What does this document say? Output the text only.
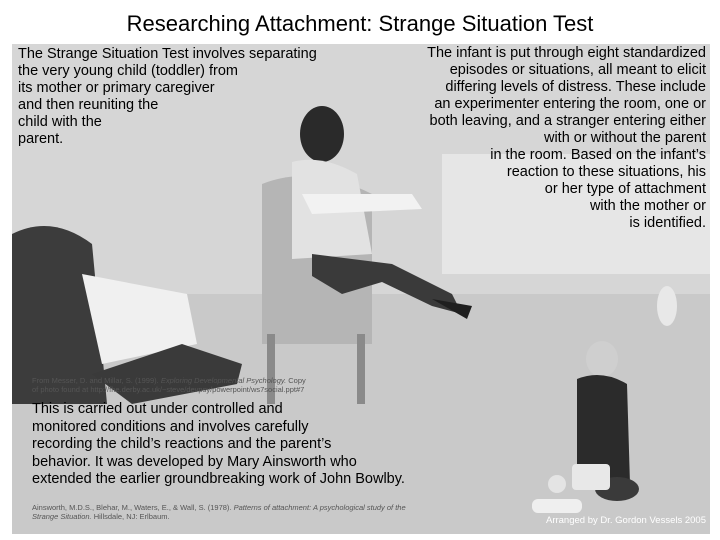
Researching Attachment: Strange Situation Test
The Strange Situation Test involves separating
the very young child (toddler) from
its mother or primary caregiver
and then reuniting the
child with the
parent.
The infant is put through eight standardized
episodes or situations, all meant to elicit
differing levels of distress. These include
an experimenter entering the room, one or
both leaving, and a stranger entering either
with or without the parent
in the room. Based on the infant’s
reaction to these situations, his
or her type of attachment
with the mother or
is identified.
From Messer, D. and Millar, S. (1999). Exploring Developmental Psychology. Copy
of photo found at http://fhe.derby.ac.uk/~steve/devpsy/powerpoint/ws7social.ppt#7
This is carried out under controlled and
monitored conditions and involves carefully
recording the child’s reactions and the parent’s
behavior. It was developed by Mary Ainsworth who
extended the earlier groundbreaking work of John Bowlby.
Ainsworth, M.D.S., Blehar, M., Waters, E., & Wall, S. (1978). Patterns of attachment: A psychological study of the
Strange Situation. Hillsdale, NJ: Erlbaum.	Arranged by Dr. Gordon Vessels 2005
